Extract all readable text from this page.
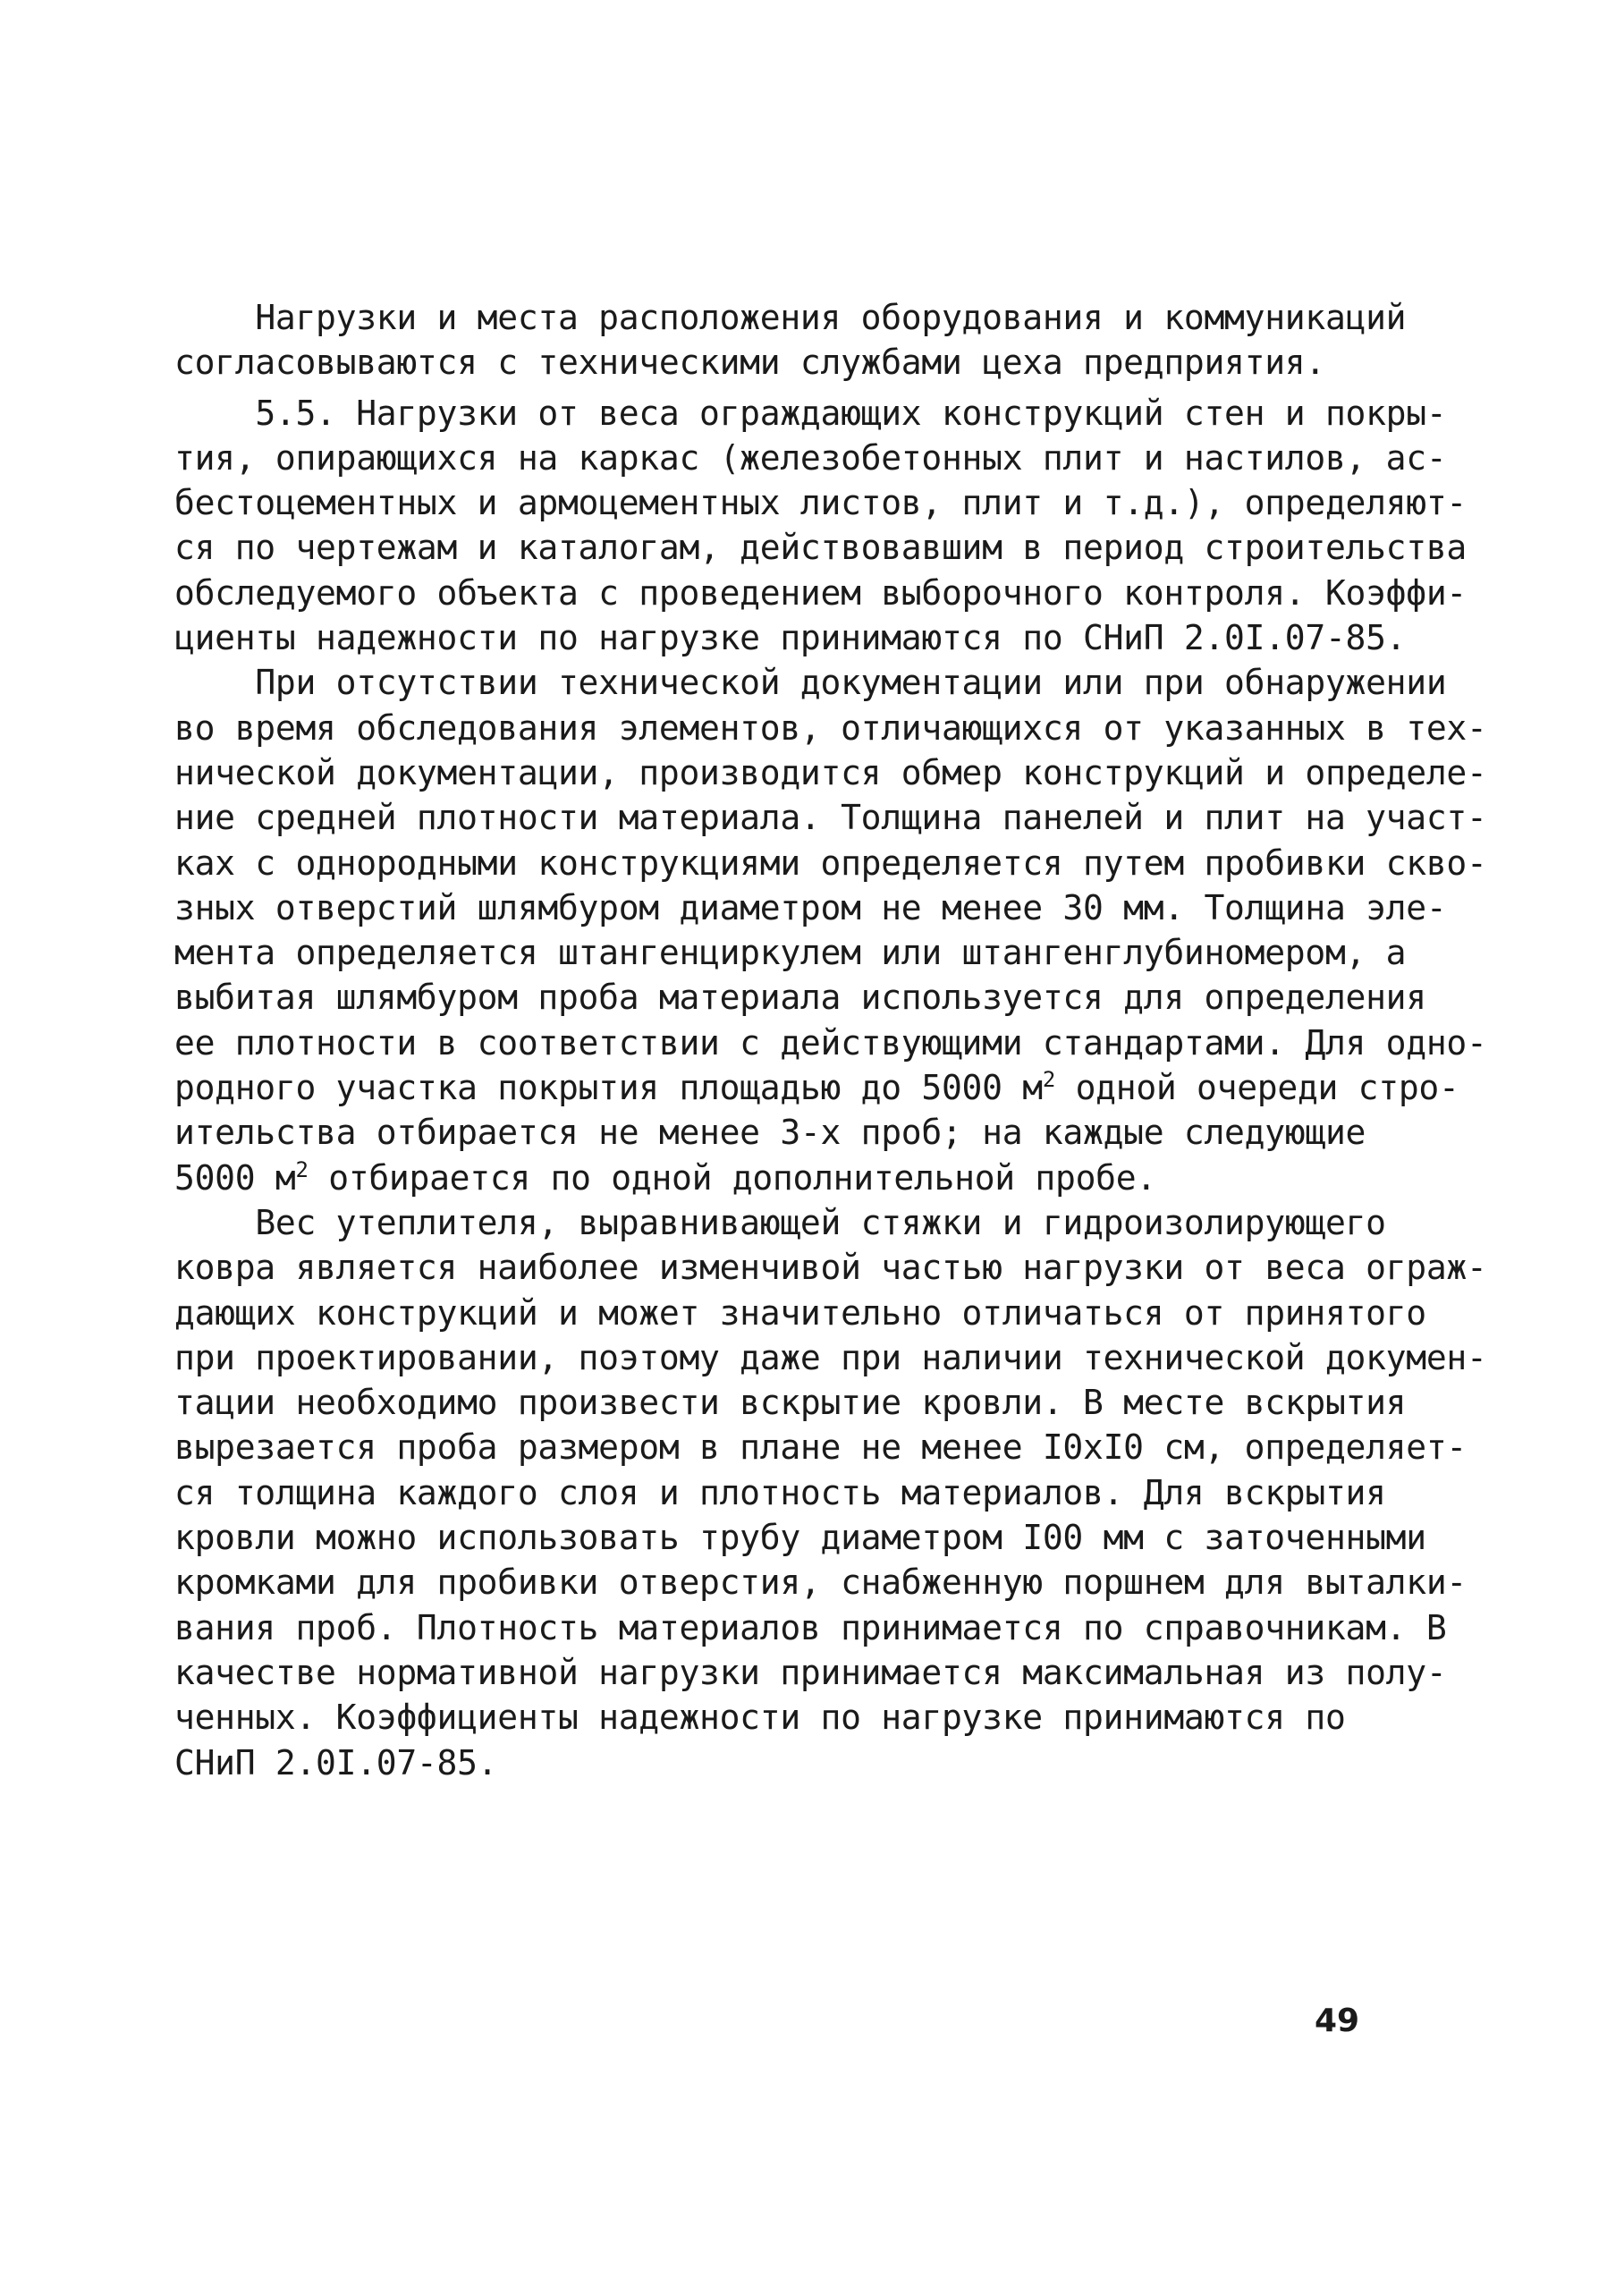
Нагрузки и места расположения оборудования и коммуникаций
согласовываются с техническими службами цеха предприятия.
5.5. Нагрузки от веса ограждающих конструкций стен и покры-
тия, опирающихся на каркас (железобетонных плит и настилов, ас-
бестоцементных и армоцементных листов, плит и т.д.), определяют-
ся по чертежам и каталогам, действовавшим в период строительства
обследуемого объекта с проведением выборочного контроля. Коэффи-
циенты надежности по нагрузке принимаются по СНиП 2.0I.07-85.
При отсутствии технической документации или при обнаружении
во время обследования элементов, отличающихся от указанных в тех-
нической документации, производится обмер конструкций и определе-
ние средней плотности материала. Толщина панелей и плит на участ-
ках с однородными конструкциями определяется путем пробивки скво-
зных отверстий шлямбуром диаметром не менее 30 мм. Толщина эле-
мента определяется штангенциркулем или штангенглубиномером, а
выбитая шлямбуром проба материала используется для определения
ее плотности в соответствии с действующими стандартами. Для одно-
родного участка покрытия площадью до 5000 $м^2$ одной очереди стро-
ительства отбирается не менее 3-х проб; на каждые следующие
5000 $м^2$ отбирается по одной дополнительной пробе.
Вес утеплителя, выравнивающей стяжки и гидроизолирующего
ковра является наиболее изменчивой частью нагрузки от веса ограж-
дающих конструкций и может значительно отличаться от принятого
при проектировании, поэтому даже при наличии технической докумен-
тации необходимо произвести вскрытие кровли. В месте вскрытия
вырезается проба размером в плане не менее I0xI0 см, определяет-
ся толщина каждого слоя и плотность материалов. Для вскрытия
кровли можно использовать трубу диаметром I00 мм с заточенными
кромками для пробивки отверстия, снабженную поршнем для выталки-
вания проб. Плотность материалов принимается по справочникам. В
качестве нормативной нагрузки принимается максимальная из полу-
ченных. Коэффициенты надежности по нагрузке принимаются по
СНиП 2.0I.07-85.
49
